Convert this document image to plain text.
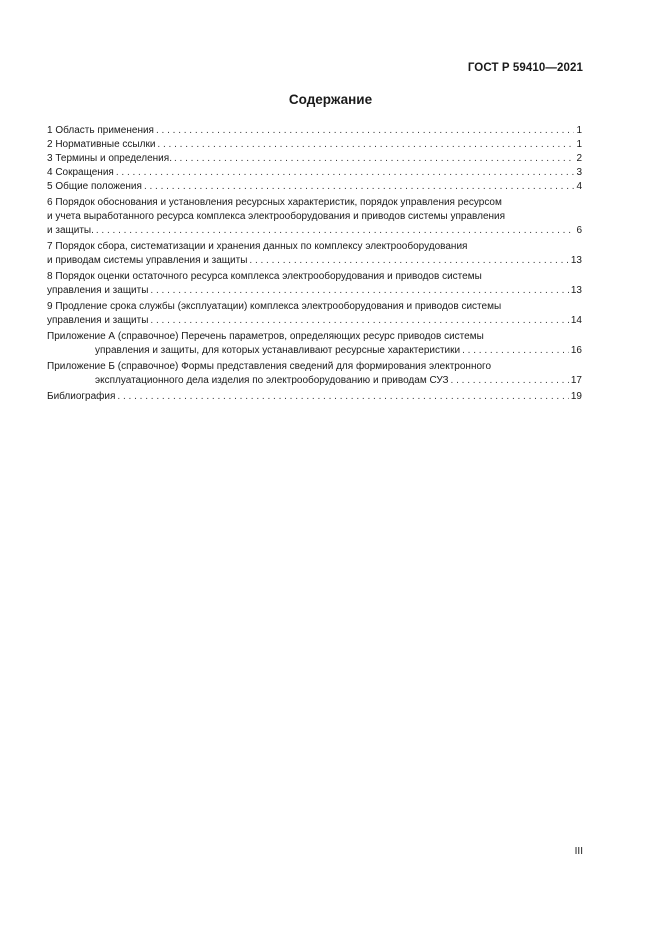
ГОСТ Р 59410—2021
Содержание
1 Область применения . . .	1
2 Нормативные ссылки . . .	1
3 Термины и определения. . . .	2
4 Сокращения . . .	3
5 Общие положения . . .	4
6 Порядок обоснования и установления ресурсных характеристик, порядок управления ресурсом
и учета выработанного ресурса комплекса электрооборудования и приводов системы управления
и защиты. . . .	6
7 Порядок сбора, систематизации и хранения данных по комплексу электрооборудования
и приводам системы управления и защиты . . .	13
8 Порядок оценки остаточного ресурса комплекса электрооборудования и приводов системы
управления и защиты . . .	13
9 Продление срока службы (эксплуатации) комплекса электрооборудования и приводов системы
управления и защиты . . .	14
Приложение А (справочное) Перечень параметров, определяющих ресурс приводов системы
управления и защиты, для которых устанавливают ресурсные характеристики . . .	16
Приложение Б (справочное) Формы представления сведений для формирования электронного
эксплуатационного дела изделия по электрооборудованию и приводам СУЗ . . .	17
Библиография . . .	19
III
